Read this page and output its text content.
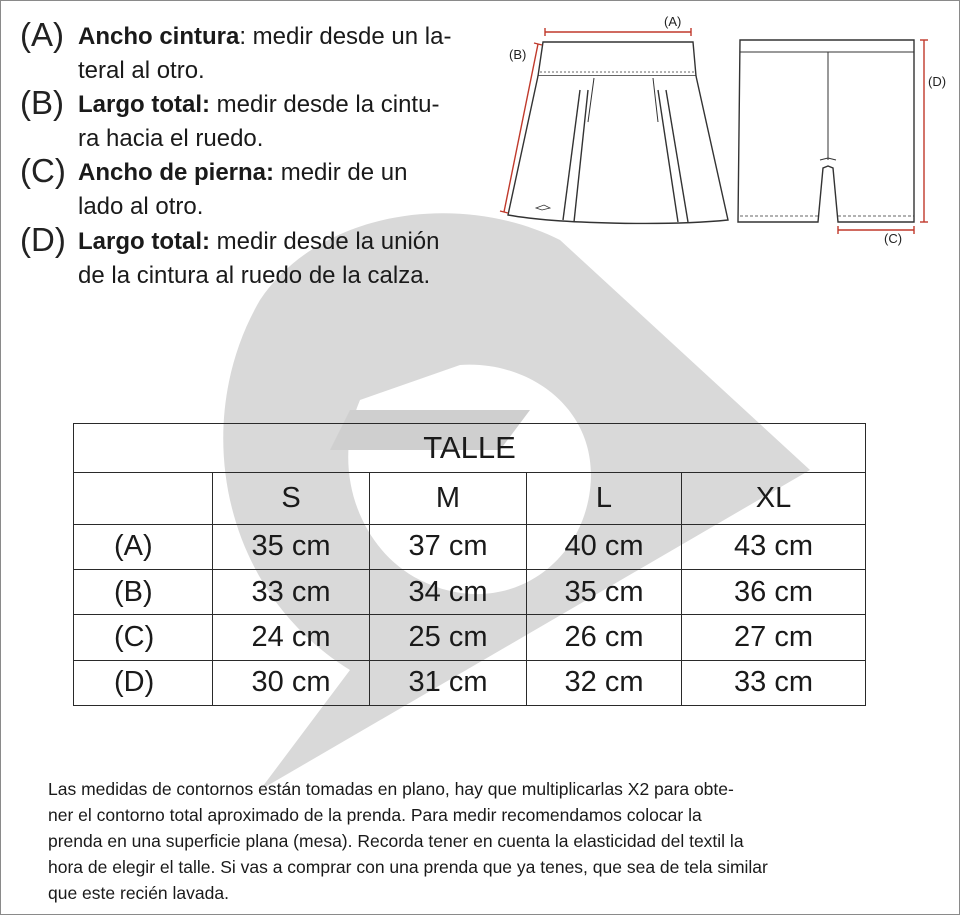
(A) Ancho cintura: medir desde un la-
teral al otro.
(B) Largo total: medir desde la cintu-
ra hacia el ruedo.
(C) Ancho de pierna: medir de un
lado al otro.
(D) Largo total: medir desde la unión
de la cintura al ruedo de la calza.
(A)
(B)
(D)
(C)
TALLE				
	S	M	L	XL
(A)	35 cm	37 cm	40 cm	43 cm
(B)	33 cm	34 cm	35 cm	36 cm
(C)	24 cm	25 cm	26 cm	27 cm
(D)	30 cm	31 cm	32 cm	33 cm

Las medidas de contornos están tomadas en plano, hay que multiplicarlas X2 para obte-
ner el contorno total aproximado de la prenda. Para medir recomendamos colocar la
prenda en una superficie plana (mesa). Recorda tener en cuenta la elasticidad del textil la
hora de elegir el talle. Si vas a comprar con una prenda que ya tenes, que sea de tela similar
que este recién lavada.
